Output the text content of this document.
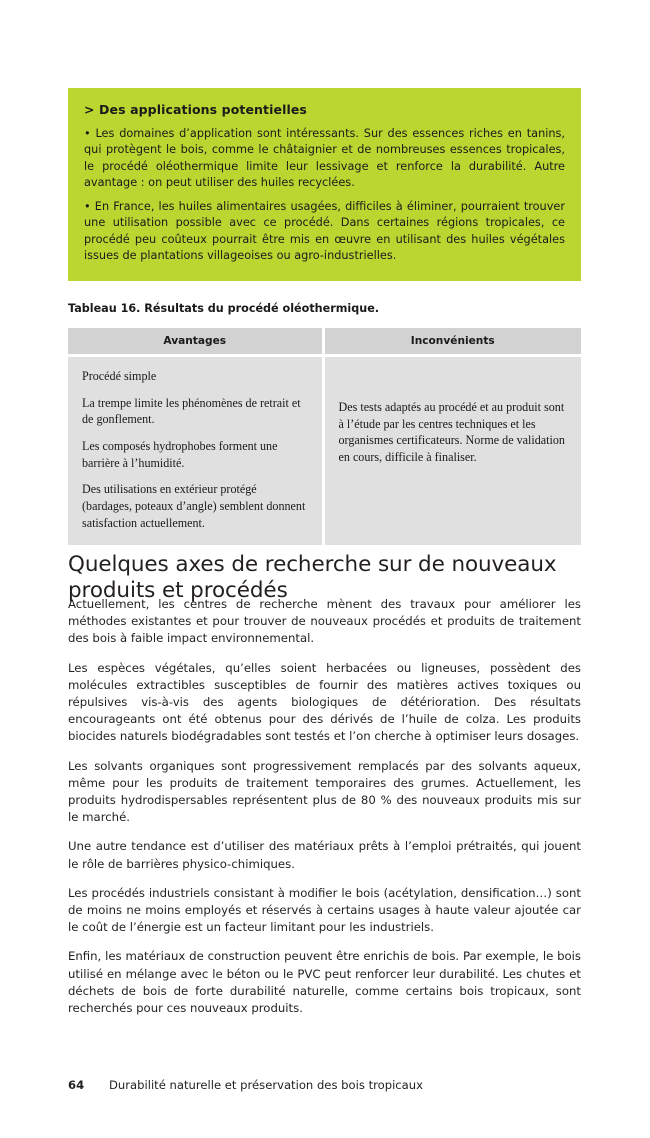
> Des applications potentielles

• Les domaines d’application sont intéressants. Sur des essences riches en tanins, qui protègent le bois, comme le châtaignier et de nombreuses essences tropicales, le procédé oléothermique limite leur lessivage et renforce la durabilité. Autre avantage : on peut utiliser des huiles recyclées.

• En France, les huiles alimentaires usagées, difficiles à éliminer, pourraient trouver une utilisation possible avec ce procédé. Dans certaines régions tropicales, ce procédé peu coûteux pourrait être mis en œuvre en utilisant des huiles végétales issues de plantations villageoises ou agro-industrielles.

Tableau 16. Résultats du procédé oléothermique.
Avantages	Inconvénients

Procédé simple

La trempe limite les phénomènes de retrait et de gonflement.

Les composés hydrophobes forment une barrière à l’humidité.

Des utilisations en extérieur protégé (bardages, poteaux d’angle) semblent donnent satisfaction actuellement.	Des tests adaptés au procédé et au produit sont à l’étude par les centres techniques et les organismes certificateurs. Norme de validation en cours, difficile à finaliser.

Quelques axes de recherche sur de nouveaux produits et procédés

Actuellement, les centres de recherche mènent des travaux pour améliorer les méthodes existantes et pour trouver de nouveaux procédés et produits de traitement des bois à faible impact environnemental.

Les espèces végétales, qu’elles soient herbacées ou ligneuses, possèdent des molécules extractibles susceptibles de fournir des matières actives toxiques ou répulsives vis-à-vis des agents biologiques de détérioration. Des résultats encourageants ont été obtenus pour des dérivés de l’huile de colza. Les produits biocides naturels biodégradables sont testés et l’on cherche à optimiser leurs dosages.

Les solvants organiques sont progressivement remplacés par des solvants aqueux, même pour les produits de traitement temporaires des grumes. Actuellement, les produits hydrodispersables représentent plus de 80 % des nouveaux produits mis sur le marché.

Une autre tendance est d’utiliser des matériaux prêts à l’emploi prétraités, qui jouent le rôle de barrières physico-chimiques.

Les procédés industriels consistant à modifier le bois (acétylation, densification…) sont de moins ne moins employés et réservés à certains usages à haute valeur ajoutée car le coût de l’énergie est un facteur limitant pour les industriels.

Enfin, les matériaux de construction peuvent être enrichis de bois. Par exemple, le bois utilisé en mélange avec le béton ou le PVC peut renforcer leur durabilité. Les chutes et déchets de bois de forte durabilité naturelle, comme certains bois tropicaux, sont recherchés pour ces nouveaux produits.

64	Durabilité naturelle et préservation des bois tropicaux
